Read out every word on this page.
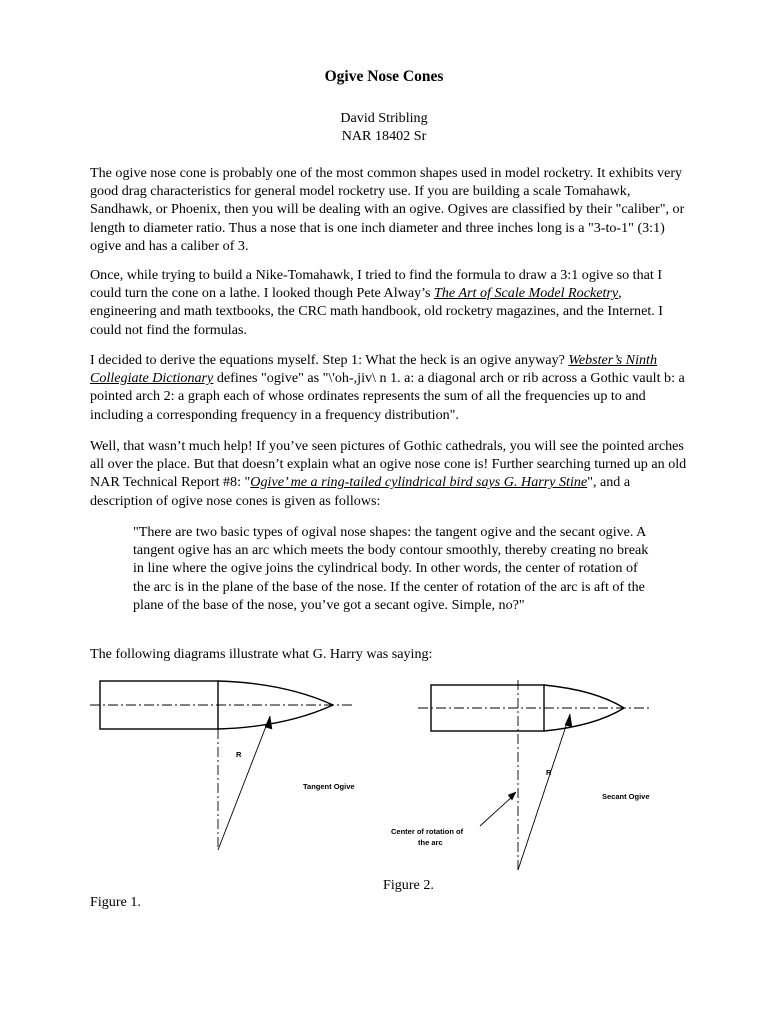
Ogive Nose Cones
David Stribling
NAR 18402 Sr

The ogive nose cone is probably one of the most common shapes used in model rocketry. It exhibits very good drag characteristics for general model rocketry use. If you are building a scale Tomahawk, Sandhawk, or Phoenix, then you will be dealing with an ogive. Ogives are classified by their "caliber", or length to diameter ratio. Thus a nose that is one inch diameter and three inches long is a "3-to-1" (3:1) ogive and has a caliber of 3.

Once, while trying to build a Nike-Tomahawk, I tried to find the formula to draw a 3:1 ogive so that I could turn the cone on a lathe. I looked though Pete Alway’s The Art of Scale Model Rocketry, engineering and math textbooks, the CRC math handbook, old rocketry magazines, and the Internet. I could not find the formulas.

I decided to derive the equations myself. Step 1: What the heck is an ogive anyway? Webster’s Ninth Collegiate Dictionary defines "ogive" as "\'oh-,jiv\ n 1. a: a diagonal arch or rib across a Gothic vault b: a pointed arch 2: a graph each of whose ordinates represents the sum of all the frequencies up to and including a corresponding frequency in a frequency distribution".

Well, that wasn’t much help! If you’ve seen pictures of Gothic cathedrals, you will see the pointed arches all over the place. But that doesn’t explain what an ogive nose cone is! Further searching turned up an old NAR Technical Report #8: "Ogive’ me a ring-tailed cylindrical bird says G. Harry Stine", and a description of ogive nose cones is given as follows:

"There are two basic types of ogival nose shapes: the tangent ogive and the secant ogive. A tangent ogive has an arc which meets the body contour smoothly, thereby creating no break in line where the ogive joins the cylindrical body. In other words, the center of rotation of the arc is in the plane of the base of the nose. If the center of rotation of the arc is aft of the plane of the base of the nose, you’ve got a secant ogive. Simple, no?"

The following diagrams illustrate what G. Harry was saying:

R
Tangent Ogive
R
Secant Ogive
Center of rotation of
the arc
Figure 2.
Figure 1.
